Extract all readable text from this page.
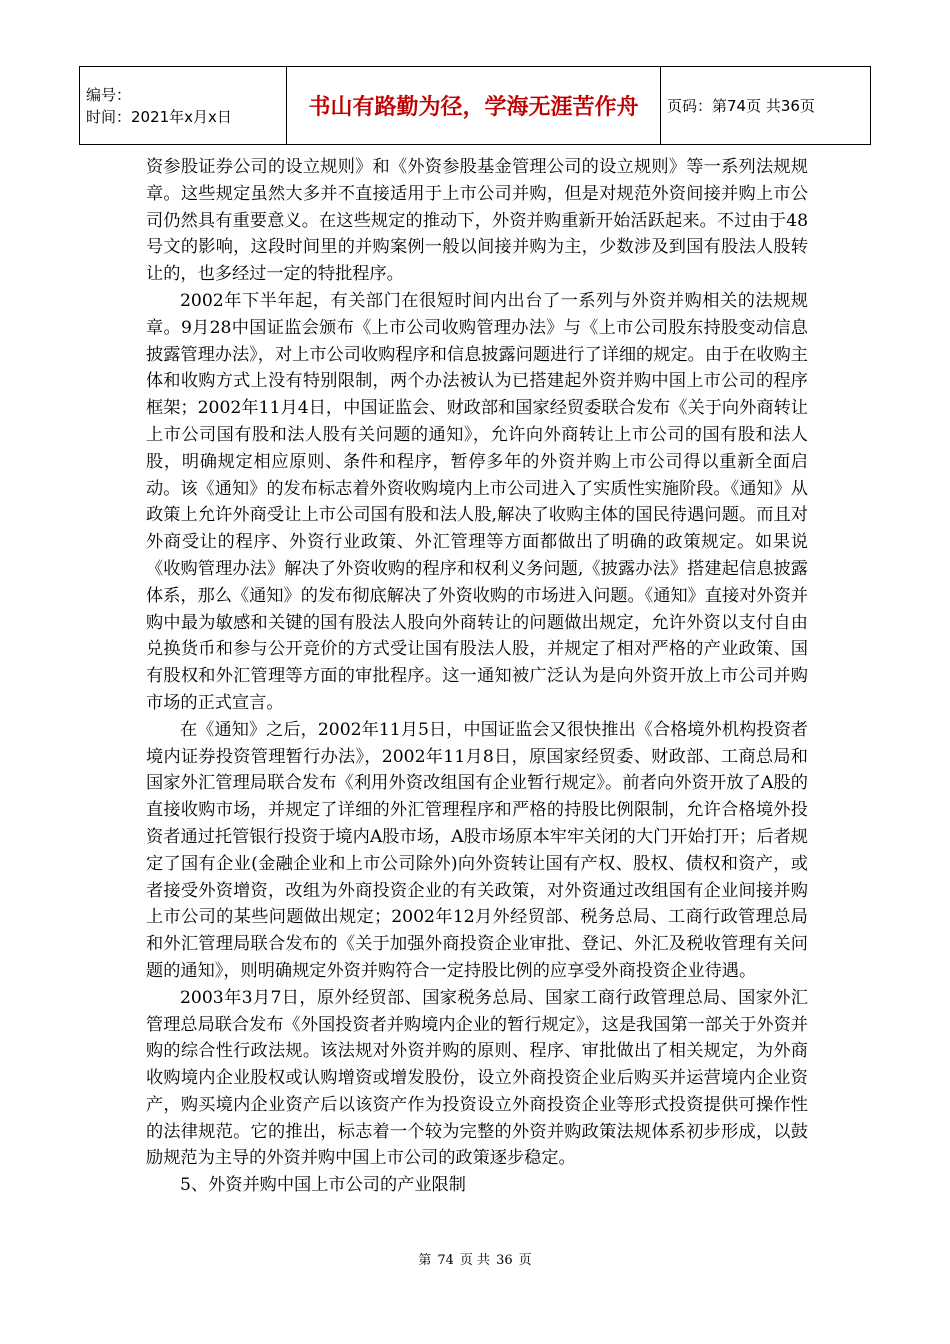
编号：
时间：2021年x月x日	书山有路勤为径，学海无涯苦作舟	页码：第74页 共36页

资参股证券公司的设立规则》和《外资参股基金管理公司的设立规则》等一系列法规规章。这些规定虽然大多并不直接适用于上市公司并购，但是对规范外资间接并购上市公司仍然具有重要意义。在这些规定的推动下，外资并购重新开始活跃起来。不过由于48号文的影响，这段时间里的并购案例一般以间接并购为主，少数涉及到国有股法人股转让的，也多经过一定的特批程序。

2002年下半年起，有关部门在很短时间内出台了一系列与外资并购相关的法规规章。9月28中国证监会颁布《上市公司收购管理办法》与《上市公司股东持股变动信息披露管理办法》，对上市公司收购程序和信息披露问题进行了详细的规定。由于在收购主体和收购方式上没有特别限制，两个办法被认为已搭建起外资并购中国上市公司的程序框架；2002年11月4日，中国证监会、财政部和国家经贸委联合发布《关于向外商转让上市公司国有股和法人股有关问题的通知》，允许向外商转让上市公司的国有股和法人股，明确规定相应原则、条件和程序，暂停多年的外资并购上市公司得以重新全面启动。该《通知》的发布标志着外资收购境内上市公司进入了实质性实施阶段。《通知》从政策上允许外商受让上市公司国有股和法人股,解决了收购主体的国民待遇问题。而且对外商受让的程序、外资行业政策、外汇管理等方面都做出了明确的政策规定。如果说《收购管理办法》解决了外资收购的程序和权利义务问题,《披露办法》搭建起信息披露体系，那么《通知》的发布彻底解决了外资收购的市场进入问题。《通知》直接对外资并购中最为敏感和关键的国有股法人股向外商转让的问题做出规定，允许外资以支付自由兑换货币和参与公开竞价的方式受让国有股法人股，并规定了相对严格的产业政策、国有股权和外汇管理等方面的审批程序。这一通知被广泛认为是向外资开放上市公司并购市场的正式宣言。

在《通知》之后，2002年11月5日，中国证监会又很快推出《合格境外机构投资者境内证券投资管理暂行办法》，2002年11月8日，原国家经贸委、财政部、工商总局和国家外汇管理局联合发布《利用外资改组国有企业暂行规定》。前者向外资开放了A股的直接收购市场，并规定了详细的外汇管理程序和严格的持股比例限制，允许合格境外投资者通过托管银行投资于境内A股市场，A股市场原本牢牢关闭的大门开始打开；后者规定了国有企业(金融企业和上市公司除外)向外资转让国有产权、股权、债权和资产，或者接受外资增资，改组为外商投资企业的有关政策，对外资通过改组国有企业间接并购上市公司的某些问题做出规定；2002年12月外经贸部、税务总局、工商行政管理总局和外汇管理局联合发布的《关于加强外商投资企业审批、登记、外汇及税收管理有关问题的通知》，则明确规定外资并购符合一定持股比例的应享受外商投资企业待遇。

2003年3月7日，原外经贸部、国家税务总局、国家工商行政管理总局、国家外汇管理总局联合发布《外国投资者并购境内企业的暂行规定》，这是我国第一部关于外资并购的综合性行政法规。该法规对外资并购的原则、程序、审批做出了相关规定，为外商收购境内企业股权或认购增资或增发股份，设立外商投资企业后购买并运营境内企业资产，购买境内企业资产后以该资产作为投资设立外商投资企业等形式投资提供可操作性的法律规范。它的推出，标志着一个较为完整的外资并购政策法规体系初步形成，以鼓励规范为主导的外资并购中国上市公司的政策逐步稳定。

5、外资并购中国上市公司的产业限制

第 74 页 共 36 页
